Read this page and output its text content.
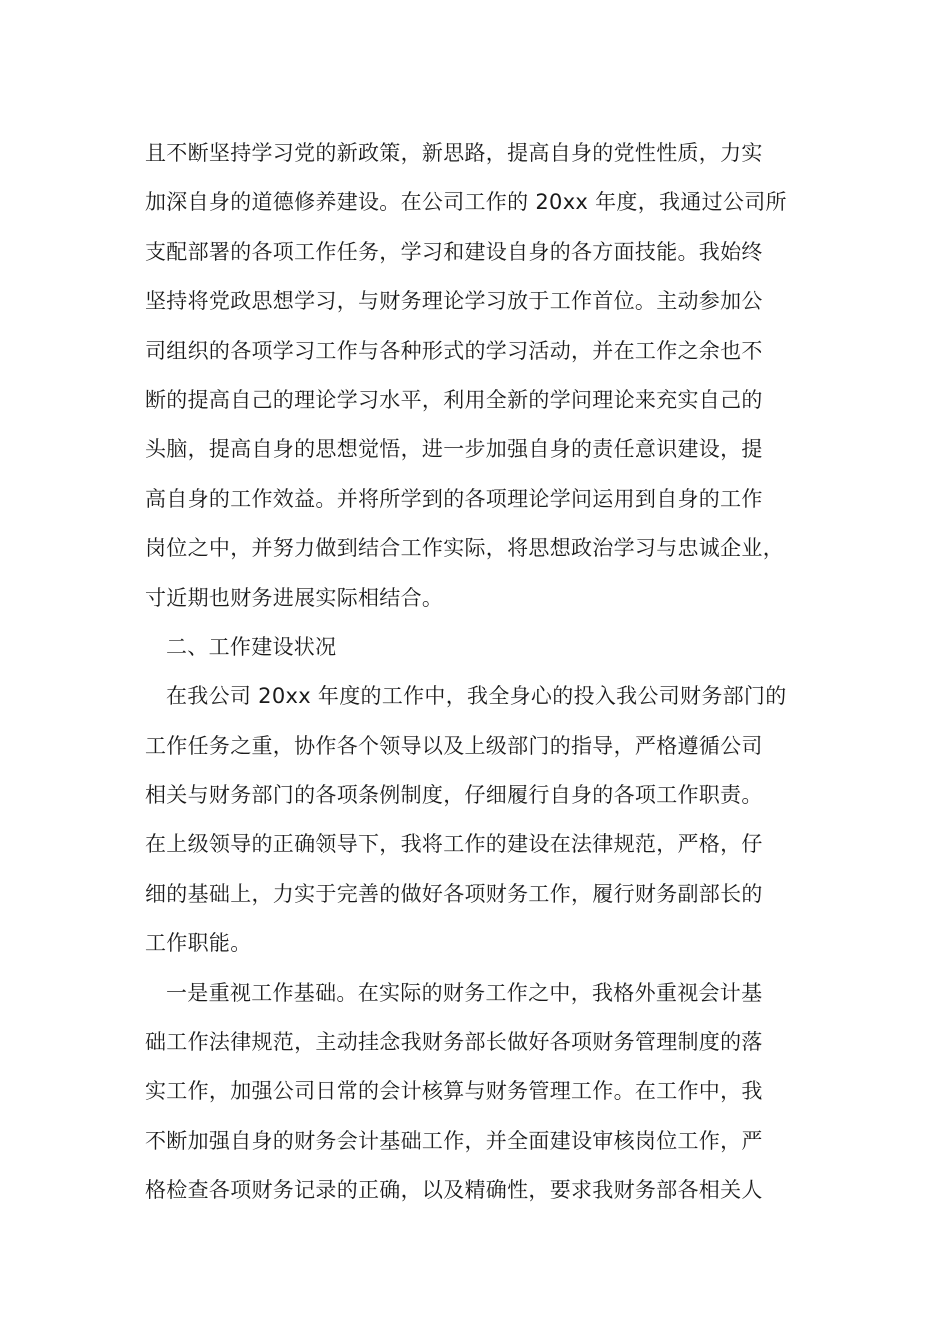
且不断坚持学习党的新政策，新思路，提高自身的党性性质，力实
加深自身的道德修养建设。在公司工作的 20xx 年度，我通过公司所
支配部署的各项工作任务，学习和建设自身的各方面技能。我始终
坚持将党政思想学习，与财务理论学习放于工作首位。主动参加公
司组织的各项学习工作与各种形式的学习活动，并在工作之余也不
断的提高自己的理论学习水平，利用全新的学问理论来充实自己的
头脑，提高自身的思想觉悟，进一步加强自身的责任意识建设，提
高自身的工作效益。并将所学到的各项理论学问运用到自身的工作
岗位之中，并努力做到结合工作实际，将思想政治学习与忠诚企业，
寸近期也财务进展实际相结合。
二、工作建设状况
在我公司 20xx 年度的工作中，我全身心的投入我公司财务部门的
工作任务之重，协作各个领导以及上级部门的指导，严格遵循公司
相关与财务部门的各项条例制度，仔细履行自身的各项工作职责。
在上级领导的正确领导下，我将工作的建设在法律规范，严格，仔
细的基础上，力实于完善的做好各项财务工作，履行财务副部长的
工作职能。
一是重视工作基础。在实际的财务工作之中，我格外重视会计基
础工作法律规范，主动挂念我财务部长做好各项财务管理制度的落
实工作，加强公司日常的会计核算与财务管理工作。在工作中，我
不断加强自身的财务会计基础工作，并全面建设审核岗位工作，严
格检查各项财务记录的正确，以及精确性，要求我财务部各相关人
